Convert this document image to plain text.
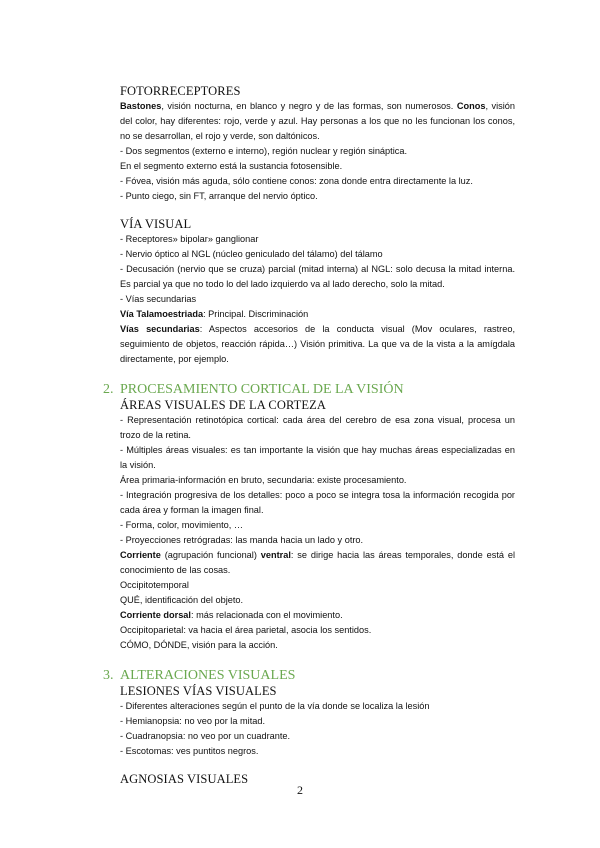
FOTORRECEPTORES

Bastones, visión nocturna, en blanco y negro y de las formas, son numerosos. Conos, visión del color, hay diferentes: rojo, verde y azul. Hay personas a los que no les funcionan los conos, no se desarrollan, el rojo y verde, son daltónicos.

- Dos segmentos (externo e interno), región nuclear y región sináptica.

En el segmento externo está la sustancia fotosensible.

- Fóvea, visión más aguda, sólo contiene conos: zona donde entra directamente la luz.

- Punto ciego, sin FT, arranque del nervio óptico.

VÍA VISUAL

- Receptores» bipolar» ganglionar

- Nervio óptico al NGL (núcleo geniculado del tálamo) del tálamo

- Decusación (nervio que se cruza) parcial (mitad interna) al NGL: solo decusa la mitad interna. Es parcial ya que no todo lo del lado izquierdo va al lado derecho, solo la mitad.

- Vías secundarias

Vía Talamoestriada: Principal. Discriminación

Vías secundarias: Aspectos accesorios de la conducta visual (Mov oculares, rastreo, seguimiento de objetos, reacción rápida…) Visión primitiva. La que va de la vista a la amígdala directamente, por ejemplo.

2. PROCESAMIENTO CORTICAL DE LA VISIÓN

ÁREAS VISUALES DE LA CORTEZA

- Representación retinotópica cortical: cada área del cerebro de esa zona visual, procesa un trozo de la retina.

- Múltiples áreas visuales: es tan importante la visión que hay muchas áreas especializadas en la visión.

Área primaria-información en bruto, secundaria: existe procesamiento.

- Integración progresiva de los detalles: poco a poco se integra tosa la información recogida por cada área y forman la imagen final.

- Forma, color, movimiento, …

- Proyecciones retrógradas: las manda hacia un lado y otro.

Corriente (agrupación funcional) ventral: se dirige hacia las áreas temporales, donde está el conocimiento de las cosas.

Occipitotemporal

QUÉ, identificación del objeto.

Corriente dorsal: más relacionada con el movimiento.

Occipitoparietal: va hacia el área parietal, asocia los sentidos.

CÓMO, DÓNDE, visión para la acción.

3. ALTERACIONES VISUALES

LESIONES VÍAS VISUALES

- Diferentes alteraciones según el punto de la vía donde se localiza la lesión

- Hemianopsia: no veo por la mitad.

- Cuadranopsia: no veo por un cuadrante.

- Escotomas: ves puntitos negros.

AGNOSIAS VISUALES

2
